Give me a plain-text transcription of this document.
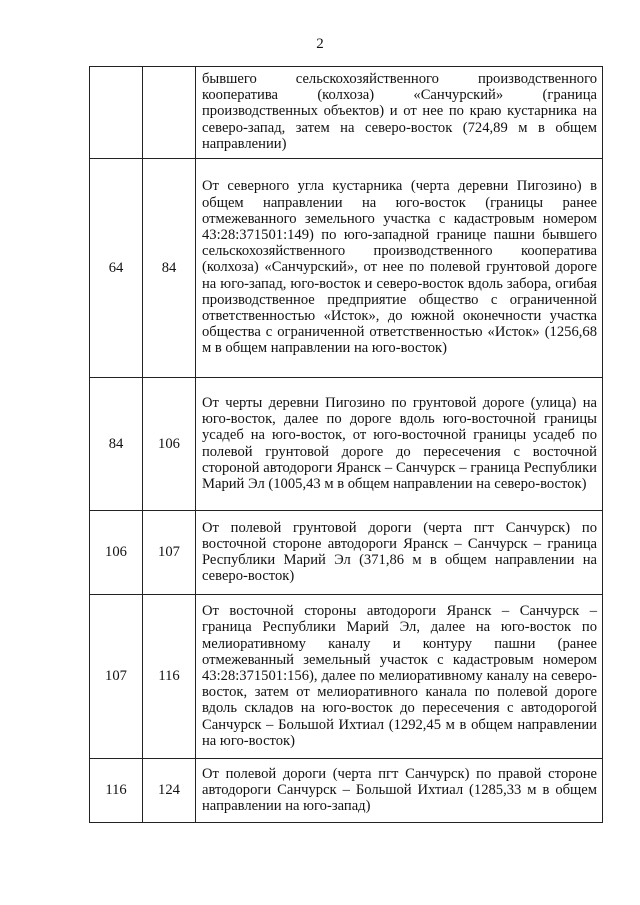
2
		бывшего сельскохозяйственного производственного кооператива (колхоза) «Санчурский» (граница производственных объектов) и от нее по краю кустарника на северо-запад, затем на северо-восток (724,89 м в общем направлении)
64	84	От северного угла кустарника (черта деревни Пигозино) в общем направлении на юго-восток (границы ранее отмежеванного земельного участка с кадастровым номером 43:28:371501:149) по юго-западной границе пашни бывшего сельскохозяйственного производственного кооператива (колхоза) «Санчурский», от нее по полевой грунтовой дороге на юго-запад, юго-восток и северо-восток вдоль забора, огибая производственное предприятие общество с ограниченной ответственностью «Исток», до южной оконечности участка общества с ограниченной ответственностью «Исток» (1256,68 м в общем направлении на юго-восток)
84	106	От черты деревни Пигозино по грунтовой дороге (улица) на юго-восток, далее по дороге вдоль юго-восточной границы усадеб на юго-восток, от юго-восточной границы усадеб по полевой грунтовой дороге до пересечения с восточной стороной автодороги Яранск – Санчурск – граница Республики Марий Эл (1005,43 м в общем направлении на северо-восток)
106	107	От полевой грунтовой дороги (черта пгт Санчурск) по восточной стороне автодороги Яранск – Санчурск – граница Республики Марий Эл (371,86 м в общем направлении на северо-восток)
107	116	От восточной стороны автодороги Яранск – Санчурск – граница Республики Марий Эл, далее на юго-восток по мелиоративному каналу и контуру пашни (ранее отмежеванный земельный участок с кадастровым номером 43:28:371501:156), далее по мелиоративному каналу на северо-восток, затем от мелиоративного канала по полевой дороге вдоль складов на юго-восток до пересечения с автодорогой Санчурск – Большой Ихтиал (1292,45 м в общем направлении на юго-восток)
116	124	От полевой дороги (черта пгт Санчурск) по правой стороне автодороги Санчурск – Большой Ихтиал (1285,33 м в общем направлении на юго-запад)
